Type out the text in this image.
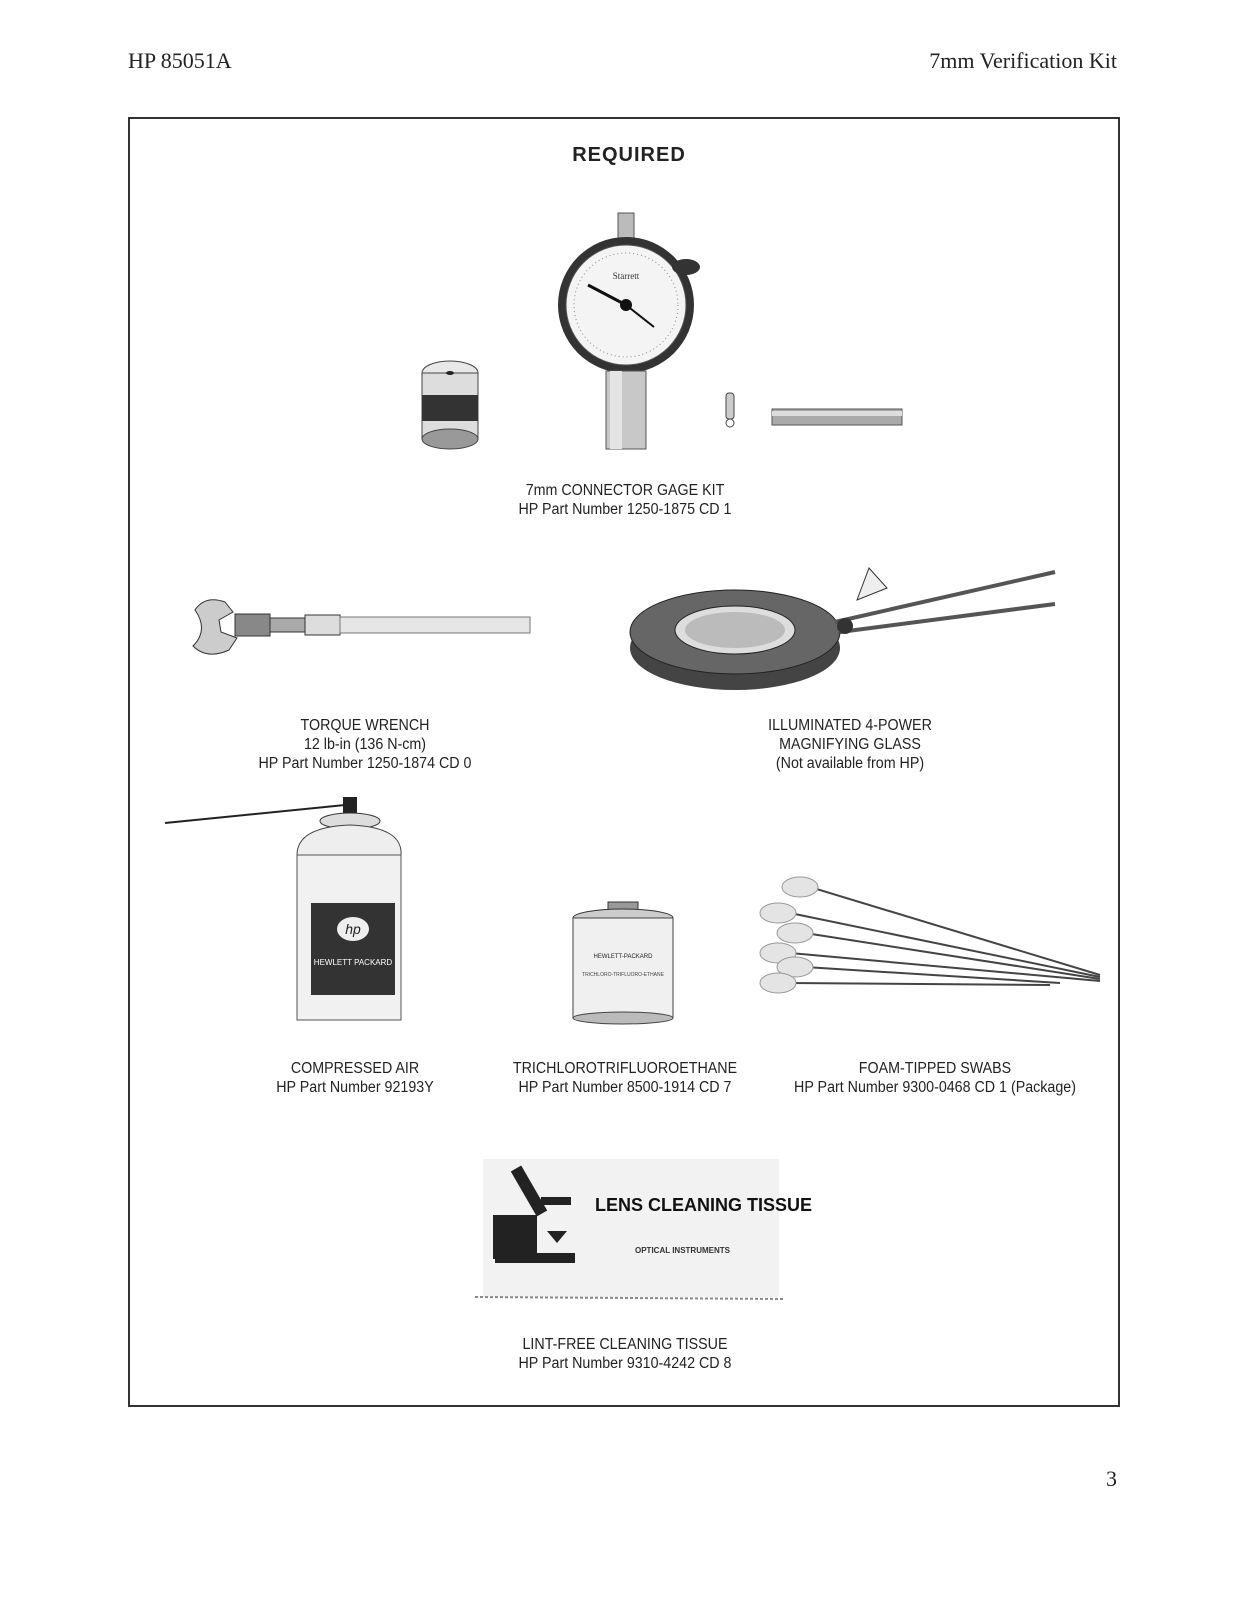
HP 85051A	7mm Verification Kit
REQUIRED
Starrett
7mm CONNECTOR GAGE KIT
HP Part Number 1250-1875 CD 1
TORQUE WRENCH
12 lb-in (136 N-cm)
HP Part Number 1250-1874 CD 0
ILLUMINATED 4-POWER
MAGNIFYING GLASS
(Not available from HP)
hp
HEWLETT PACKARD
COMPRESSED AIR
HP Part Number 92193Y
HEWLETT-PACKARD
TRICHLORO-TRIFLUORO-ETHANE
TRICHLOROTRIFLUOROETHANE
HP Part Number 8500-1914 CD 7
FOAM-TIPPED SWABS
HP Part Number 9300-0468 CD 1 (Package)
LENS CLEANING TISSUE
OPTICAL INSTRUMENTS
LINT-FREE CLEANING TISSUE
HP Part Number 9310-4242 CD 8
3
